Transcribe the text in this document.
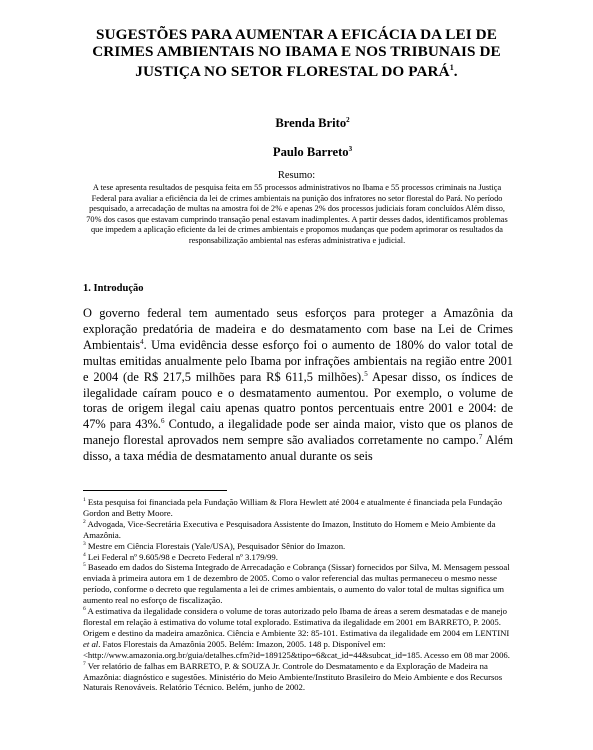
SUGESTÕES PARA AUMENTAR A EFICÁCIA DA LEI DE CRIMES AMBIENTAIS NO IBAMA E NOS TRIBUNAIS DE JUSTIÇA NO SETOR FLORESTAL DO PARÁ$^1$.
Brenda Brito$^2$
Paulo Barreto$^3$
Resumo:
A tese apresenta resultados de pesquisa feita em 55 processos administrativos no Ibama e 55 processos criminais na Justiça Federal para avaliar a eficiência da lei de crimes ambientais na punição dos infratores no setor florestal do Pará. No período pesquisado, a arrecadação de multas na amostra foi de 2% e apenas 2% dos processos judiciais foram concluídos Além disso, 70% dos casos que estavam cumprindo transação penal estavam inadimplentes. A partir desses dados, identificamos problemas que impedem a aplicação eficiente da lei de crimes ambientais e propomos mudanças que podem aprimorar os resultados da responsabilização ambiental nas esferas administrativa e judicial.
1. Introdução
O governo federal tem aumentado seus esforços para proteger a Amazônia da exploração predatória de madeira e do desmatamento com base na Lei de Crimes Ambientais$^4$. Uma evidência desse esforço foi o aumento de 180% do valor total de multas emitidas anualmente pelo Ibama por infrações ambientais na região entre 2001 e 2004 (de R$ 217,5 milhões para R$ 611,5 milhões).$^5$ Apesar disso, os índices de ilegalidade caíram pouco e o desmatamento aumentou. Por exemplo, o volume de toras de origem ilegal caiu apenas quatro pontos percentuais entre 2001 e 2004: de 47% para 43%.$^6$ Contudo, a ilegalidade pode ser ainda maior, visto que os planos de manejo florestal aprovados nem sempre são avaliados corretamente no campo.$^7$ Além disso, a taxa média de desmatamento anual durante os seis

$^1$ Esta pesquisa foi financiada pela Fundação William & Flora Hewlett até 2004 e atualmente é financiada pela Fundação Gordon and Betty Moore.

$^2$ Advogada, Vice-Secretária Executiva e Pesquisadora Assistente do Imazon, Instituto do Homem e Meio Ambiente da Amazônia.

$^3$ Mestre em Ciência Florestais (Yale/USA), Pesquisador Sênior do Imazon.

$^4$ Lei Federal nº 9.605/98 e Decreto Federal nº 3.179/99.

$^5$ Baseado em dados do Sistema Integrado de Arrecadação e Cobrança (Sissar) fornecidos por Silva, M. Mensagem pessoal enviada à primeira autora em 1 de dezembro de 2005. Como o valor referencial das multas permaneceu o mesmo nesse período, conforme o decreto que regulamenta a lei de crimes ambientais, o aumento do valor total de multas significa um aumento real no esforço de fiscalização.

$^6$ A estimativa da ilegalidade considera o volume de toras autorizado pelo Ibama de áreas a serem desmatadas e de manejo florestal em relação à estimativa do volume total explorado. Estimativa da ilegalidade em 2001 em BARRETO, P. 2005. Origem e destino da madeira amazônica. Ciência e Ambiente 32: 85-101. Estimativa da ilegalidade em 2004 em LENTINI et al. Fatos Florestais da Amazônia 2005. Belém: Imazon, 2005. 148 p. Disponível em:
<http://www.amazonia.org.br/guia/detalhes.cfm?id=189125&tipo=6&cat_id=44&subcat_id=185. Acesso em 08 mar 2006.

$^7$ Ver relatório de falhas em BARRETO, P. & SOUZA Jr. Controle do Desmatamento e da Exploração de Madeira na Amazônia: diagnóstico e sugestões. Ministério do Meio Ambiente/Instituto Brasileiro do Meio Ambiente e dos Recursos Naturais Renováveis. Relatório Técnico. Belém, junho de 2002.
